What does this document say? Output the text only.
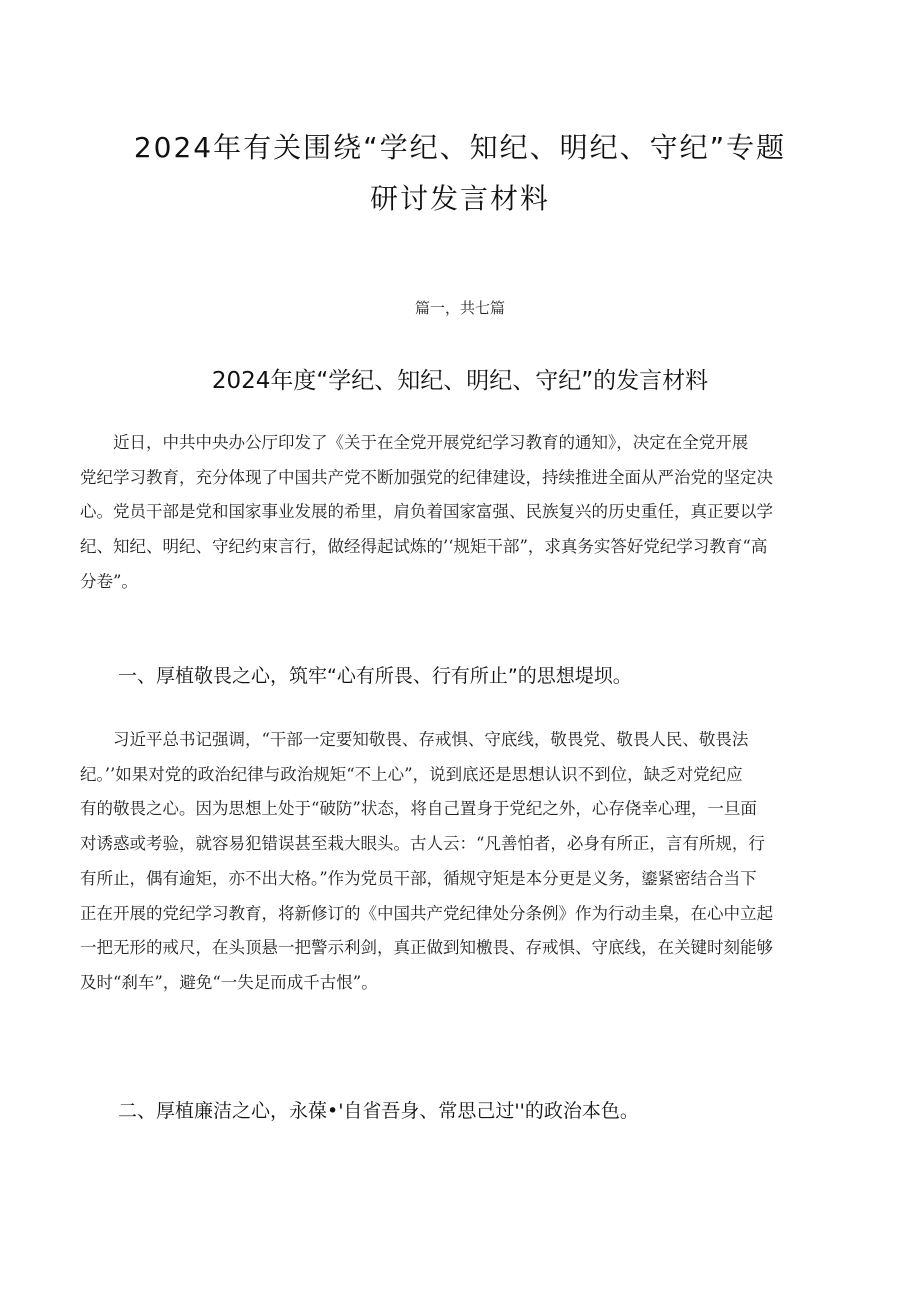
2024年有关围绕“学纪、知纪、明纪、守纪”专题
研讨发言材料
篇一，共七篇
2024年度“学纪、知纪、明纪、守纪”的发言材料

近日，中共中央办公厅印发了《关于在全党开展党纪学习教育的通知》，决定在全党开展
党纪学习教育，充分体现了中国共产党不断加强党的纪律建设，持续推进全面从严治党的坚定决
心。党员干部是党和国家事业发展的希里，肩负着国家富强、民族复兴的历史重任，真正要以学
纪、知纪、明纪、守纪约束言行，做经得起试炼的’‘规矩干部”，求真务实答好党纪学习教育“高
分卷”。

一、厚植敬畏之心，筑牢“心有所畏、行有所止”的思想堤坝。

习近平总书记强调，“干部一定要知敬畏、存戒惧、守底线，敬畏党、敬畏人民、敬畏法
纪。’’如果对党的政治纪律与政治规矩“不上心”，说到底还是思想认识不到位，缺乏对党纪应
有的敬畏之心。因为思想上处于“破防”状态，将自己置身于党纪之外，心存侥幸心理，一旦面
对诱惑或考验，就容易犯错误甚至栽大眼头。古人云：“凡善怕者，必身有所正，言有所规，行
有所止，偶有逾矩，亦不出大格。”作为党员干部，循规守矩是本分更是义务，鎏紧密结合当下
正在开展的党纪学习教育，将新修订的《中国共产党纪律处分条例》作为行动圭臬，在心中立起
一把无形的戒尺，在头顶悬一把警示利剑，真正做到知檄畏、存戒惧、守底线，在关键时刻能够
及时“刹车”，避免“一失足而成千古恨”。

二、厚植廉洁之心，永葆•'自省吾身、常思己过''的政治本色。
